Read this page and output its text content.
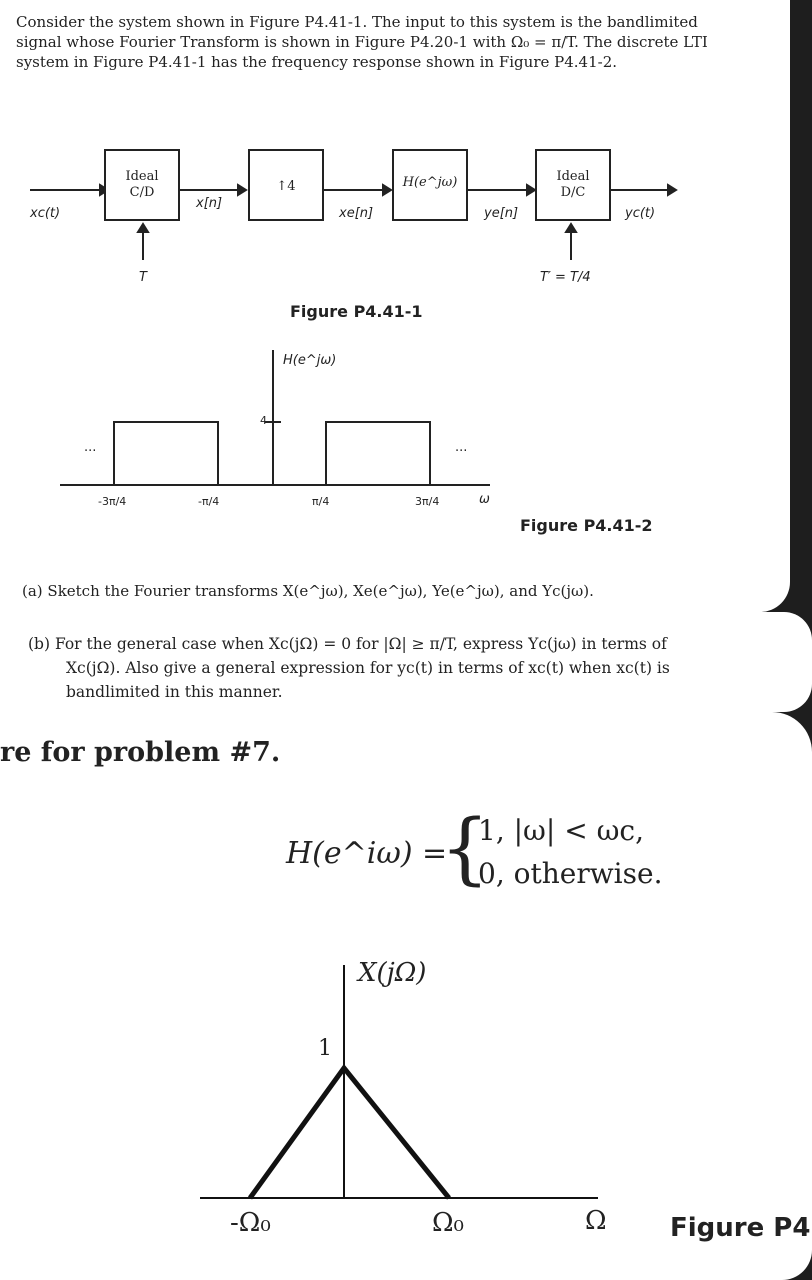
Consider the system shown in Figure P4.41-1. The input to this system is the bandlimited signal whose Fourier Transform is shown in Figure P4.20-1 with Ω₀ = π/T. The discrete LTI system in Figure P4.41-1 has the frequency response shown in Figure P4.41-2.

Ideal
C/D	↑4	H(e^jω)	Ideal
D/C
xc(t)
x[n]
xe[n]	ye[n]	yc(t)
T	T′ = T/4
Figure P4.41-1
H(e^jω)
4
...	...
-3π/4	-π/4	π/4	3π/4	ω
Figure P4.41-2

(a) Sketch the Fourier transforms X(e^jω), Xe(e^jω), Ye(e^jω), and Yc(jω).

(b) For the general case when Xc(jΩ) = 0 for |Ω| ≥ π/T, express Yc(jω) in terms of
Xc(jΩ). Also give a general expression for yc(t) in terms of xc(t) when xc(t) is
bandlimited in this manner.
re for problem #7.
H(e^iω) =
{
1, |ω| < ωc,
0, otherwise.
X(jΩ)
1
-Ω₀	Ω₀	Ω Figure P4
